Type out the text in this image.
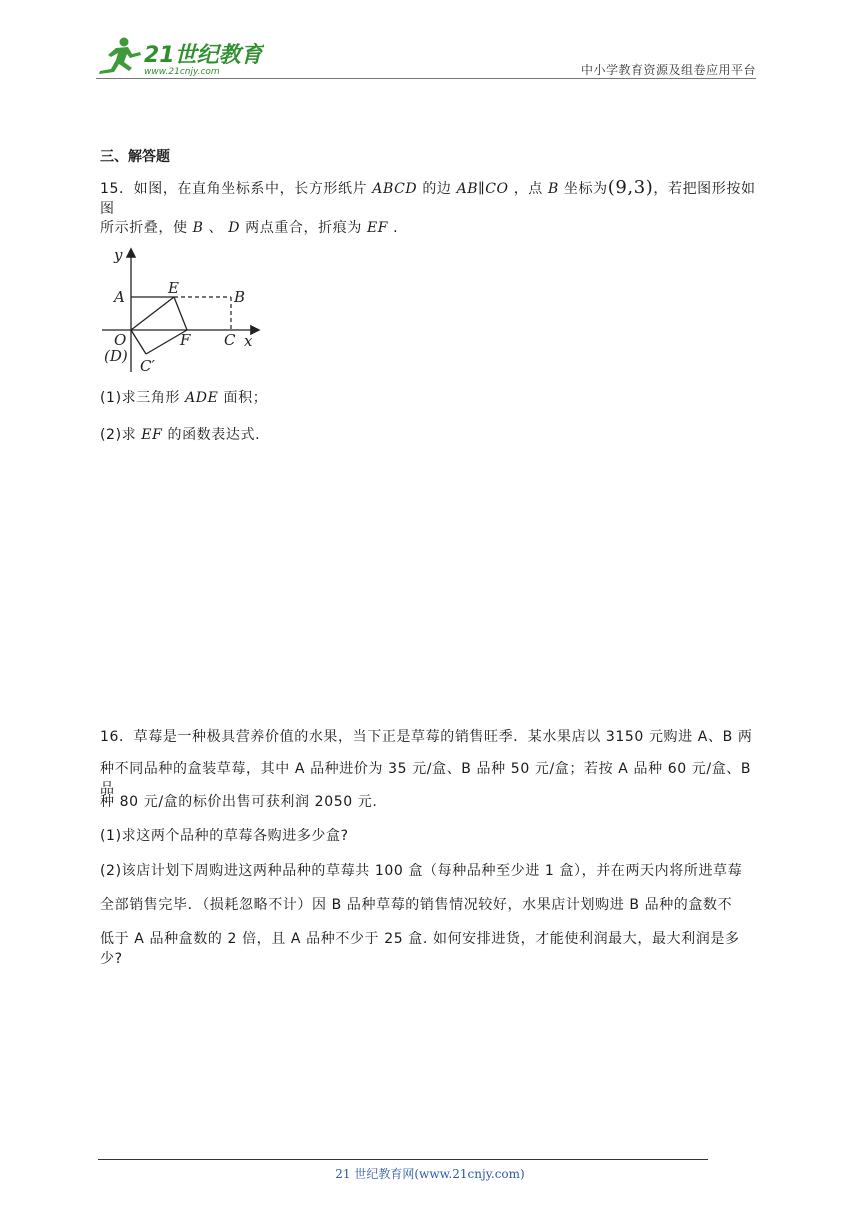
21世纪教育
www.21cnjy.com	中小学教育资源及组卷应用平台
三、解答题
15．如图，在直角坐标系中，长方形纸片 ABCD 的边 AB∥CO ，点 B 坐标为(9,3)，若把图形按如图
所示折叠，使 B 、 D 两点重合，折痕为 EF .
y
x
A	E	B
O
(D)
F C
C′
(1)求三角形 ADE 面积；
(2)求 EF 的函数表达式.
16．草莓是一种极具营养价值的水果，当下正是草莓的销售旺季．某水果店以 3150 元购进 A、B 两
种不同品种的盒装草莓，其中 A 品种进价为 35 元/盒、B 品种 50 元/盒；若按 A 品种 60 元/盒、B 品
种 80 元/盒的标价出售可获利润 2050 元.
(1)求这两个品种的草莓各购进多少盒?
(2)该店计划下周购进这两种品种的草莓共 100 盒（每种品种至少进 1 盒），并在两天内将所进草莓
全部销售完毕．（损耗忽略不计）因 B 品种草莓的销售情况较好，水果店计划购进 B 品种的盒数不
低于 A 品种盒数的 2 倍，且 A 品种不少于 25 盒. 如何安排进货，才能使利润最大，最大利润是多少?
21 世纪教育网(www.21cnjy.com)
